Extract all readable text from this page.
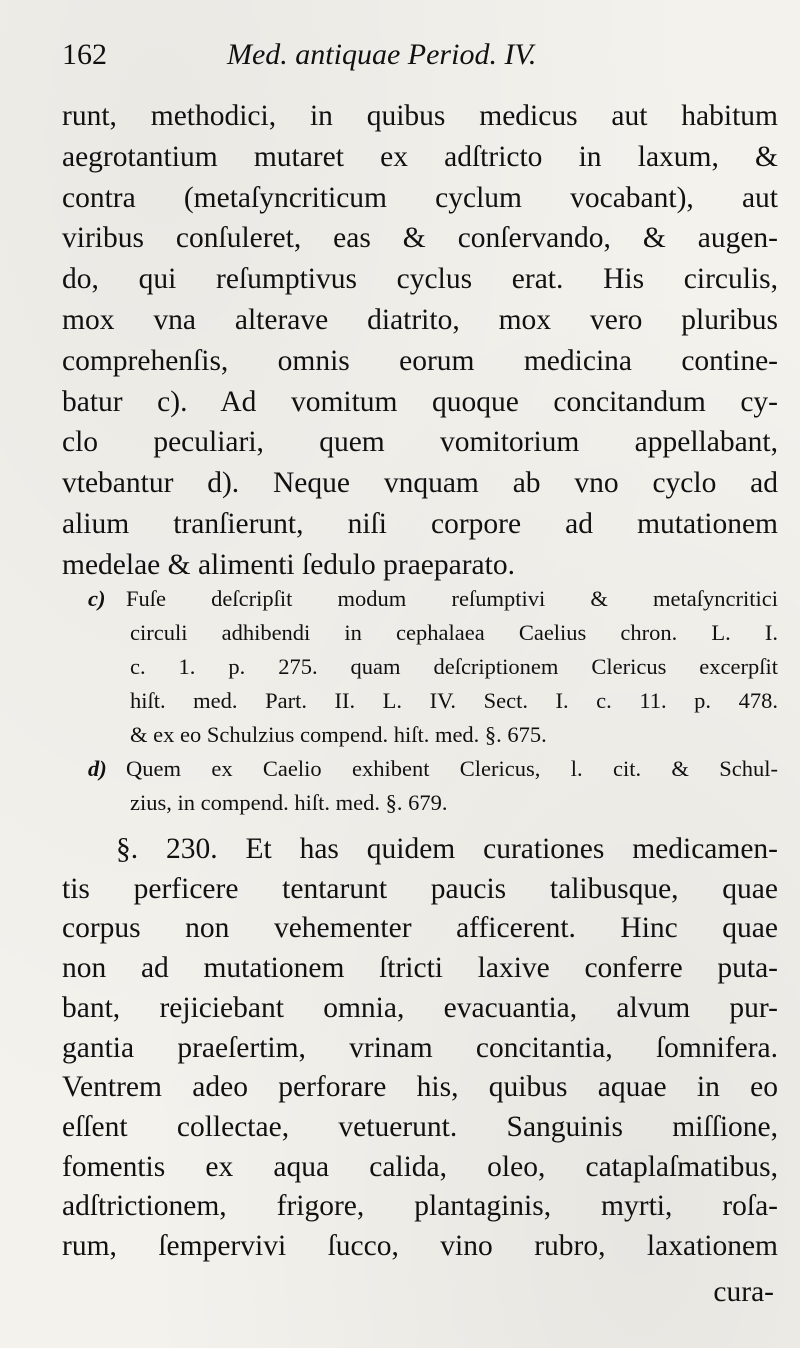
162	Med. antiquae Period. IV.
runt, methodici, in quibus medicus aut habitum
aegrotantium mutaret ex adſtricto in laxum, &
contra (metaſyncriticum cyclum vocabant), aut
viribus conſuleret, eas & conſervando, & augen-
do, qui reſumptivus cyclus erat. His circulis,
mox vna alterave diatrito, mox vero pluribus
comprehenſis, omnis eorum medicina contine-
batur c). Ad vomitum quoque concitandum cy-
clo peculiari, quem vomitorium appellabant,
vtebantur d). Neque vnquam ab vno cyclo ad
alium tranſierunt, niſi corpore ad mutationem
medelae & alimenti ſedulo praeparato.
c) Fuſe deſcripſit modum reſumptivi & metaſyncritici
circuli adhibendi in cephalaea Caelius chron. L. I.
c. 1. p. 275. quam deſcriptionem Clericus excerpſit
hiſt. med. Part. II. L. IV. Sect. I. c. 11. p. 478.
& ex eo Schulzius compend. hiſt. med. §. 675.
d) Quem ex Caelio exhibent Clericus, l. cit. & Schul-
zius, in compend. hiſt. med. §. 679.
§. 230. Et has quidem curationes medicamen-
tis perficere tentarunt paucis talibusque, quae
corpus non vehementer afficerent. Hinc quae
non ad mutationem ſtricti laxive conferre puta-
bant, rejiciebant omnia, evacuantia, alvum pur-
gantia praeſertim, vrinam concitantia, ſomnifera.
Ventrem adeo perforare his, quibus aquae in eo
eſſent collectae, vetuerunt. Sanguinis miſſione,
fomentis ex aqua calida, oleo, cataplaſmatibus,
adſtrictionem, frigore, plantaginis, myrti, roſa-
rum, ſempervivi ſucco, vino rubro, laxationem
cura-
